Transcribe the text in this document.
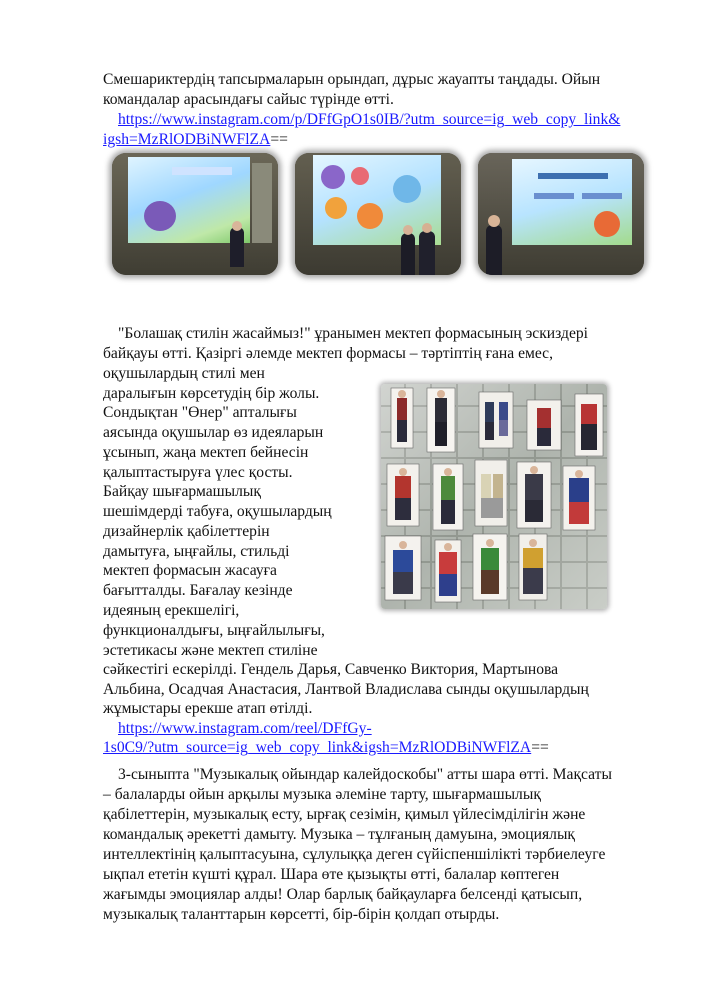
Смешариктердің тапсырмаларын орындап, дұрыс жауапты таңдады. Ойын
командалар арасындағы сайыс түрінде өтті.
https://www.instagram.com/p/DFfGpO1s0IB/?utm_source=ig_web_copy_link&
igsh=MzRlODBiNWFlZA==
"Болашақ стилін жасаймыз!" ұранымен мектеп формасының эскиздері
байқауы өтті. Қазіргі әлемде мектеп формасы – тәртіптің ғана емес,
оқушылардың стилі мен
даралығын көрсетудің бір жолы.
Сондықтан "Өнер" апталығы
аясында оқушылар өз идеяларын
ұсынып, жаңа мектеп бейнесін
қалыптастыруға үлес қосты.
Байқау шығармашылық
шешімдерді табуға, оқушылардың
дизайнерлік қабілеттерін
дамытуға, ыңғайлы, стильді
мектеп формасын жасауға
бағытталды. Бағалау кезінде
идеяның ерекшелігі,
функционалдығы, ыңғайлылығы,
эстетикасы және мектеп стиліне
сәйкестігі ескерілді. Гендель Дарья, Савченко Виктория, Мартынова
Альбина, Осадчая Анастасия, Лантвой Владислава сынды оқушылардың
жұмыстары ерекше атап өтілді.
https://www.instagram.com/reel/DFfGy-
1s0C9/?utm_source=ig_web_copy_link&igsh=MzRlODBiNWFlZA==
3-сыныпта "Музыкалық ойындар калейдоскобы" атты шара өтті. Мақсаты
– балаларды ойын арқылы музыка әлеміне тарту, шығармашылық
қабілеттерін, музыкалық есту, ырғақ сезімін, қимыл үйлесімділігін және
командалық әрекетті дамыту. Музыка – тұлғаның дамуына, эмоциялық
интеллектінің қалыптасуына, сұлулыққа деген сүйіспеншілікті тәрбиелеуге
ықпал ететін күшті құрал. Шара өте қызықты өтті, балалар көптеген
жағымды эмоциялар алды! Олар барлық байқауларға белсенді қатысып,
музыкалық таланттарын көрсетті, бір-бірін қолдап отырды.
